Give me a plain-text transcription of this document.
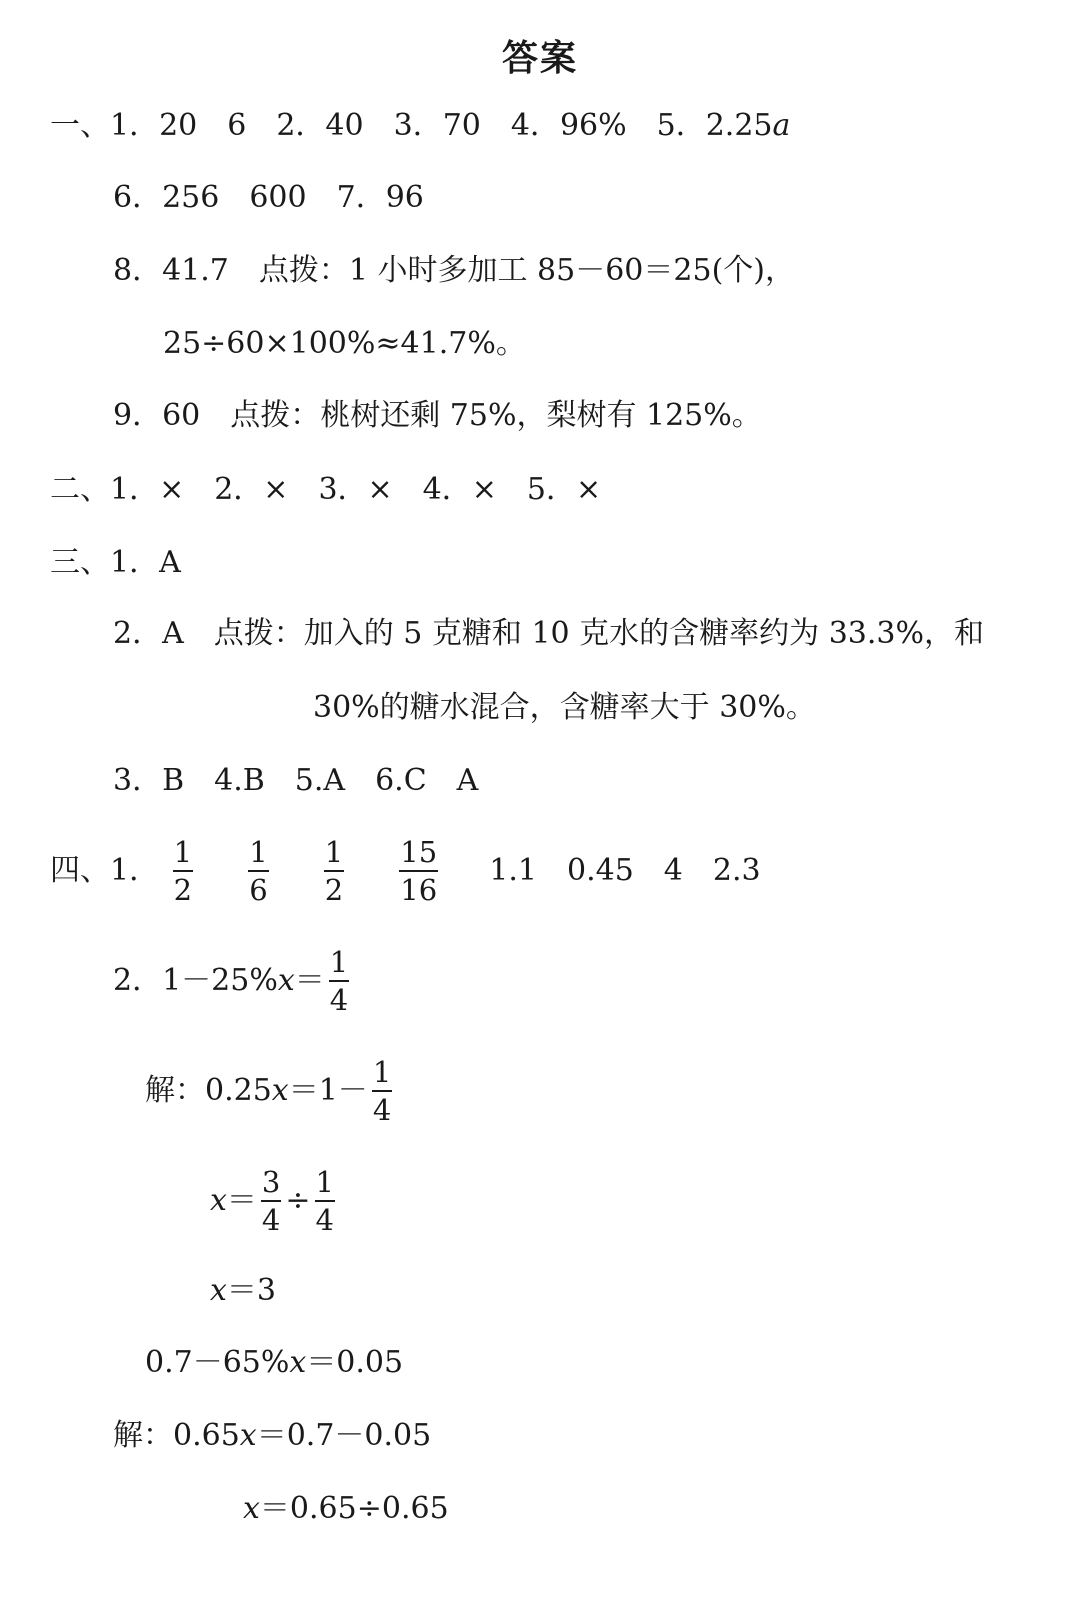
答案
一、1．20　6　2．40　3．70　4．96%　5．2.25a
6．256　600　7．96
8．41.7　点拨：1 小时多加工 85－60＝25(个)，
25÷60×100%≈41.7%。
9．60　点拨：桃树还剩 75%，梨树有 125%。
二、1．×　2．×　3．×　4．×　5．×
三、1．A
2．A　点拨：加入的 5 克糖和 10 克水的含糖率约为 33.3%，和
30%的糖水混合，含糖率大于 30%。
3．B　4.B　5.A　6.C　A
四、1． $\frac{1}{2}$
$\frac{1}{6}$
$\frac{1}{2}$
$\frac{15}{16} 1.1$　0.45　4　2.3
2．$1-25\%x= \frac{1}{4}$
解：$0.25x=1- \frac{1}{4}$
$x= \frac{3}{4} \div \frac{1}{4}$
x＝3
0.7－65%x＝0.05
解：0.65x＝0.7－0.05
x＝0.65÷0.65
